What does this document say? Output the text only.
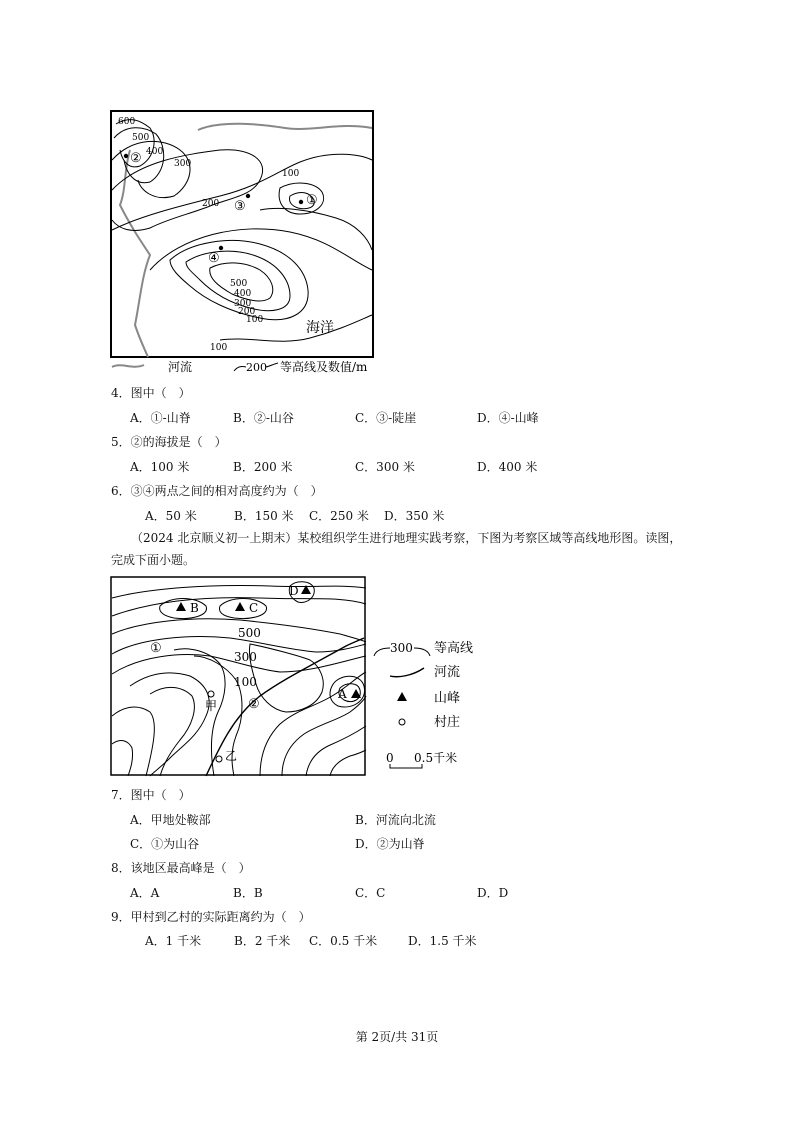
600
500
400
300
200
100
500
400
300
200
100
100
①
②
③
④
海洋
河流	200 等高线及数值/m
4．图中（　）
A．①-山脊	B．②-山谷	C．③-陡崖	D．④-山峰
5．②的海拔是（　）
A．100 米	B．200 米	C．300 米	D．400 米
6．③④两点之间的相对高度约为（　）
A．50 米	B．150 米 C．250 米 D．350 米
（2024 北京顺义初一上期末）某校组织学生进行地理实践考察，下图为考察区域等高线地形图。读图，
完成下面小题。
B	C
D
A
500
300
100
①
②
甲
乙
300 等高线
河流
山峰
村庄
0 0.5千米
7．图中（　）
A．甲地处鞍部	B．河流向北流
C．①为山谷	D．②为山脊
8．该地区最高峰是（　）
A．A	B．B	C．C	D．D
9．甲村到乙村的实际距离约为（　）
A．1 千米	B．2 千米 C．0.5 千米	D．1.5 千米
第 2页/共 31页
